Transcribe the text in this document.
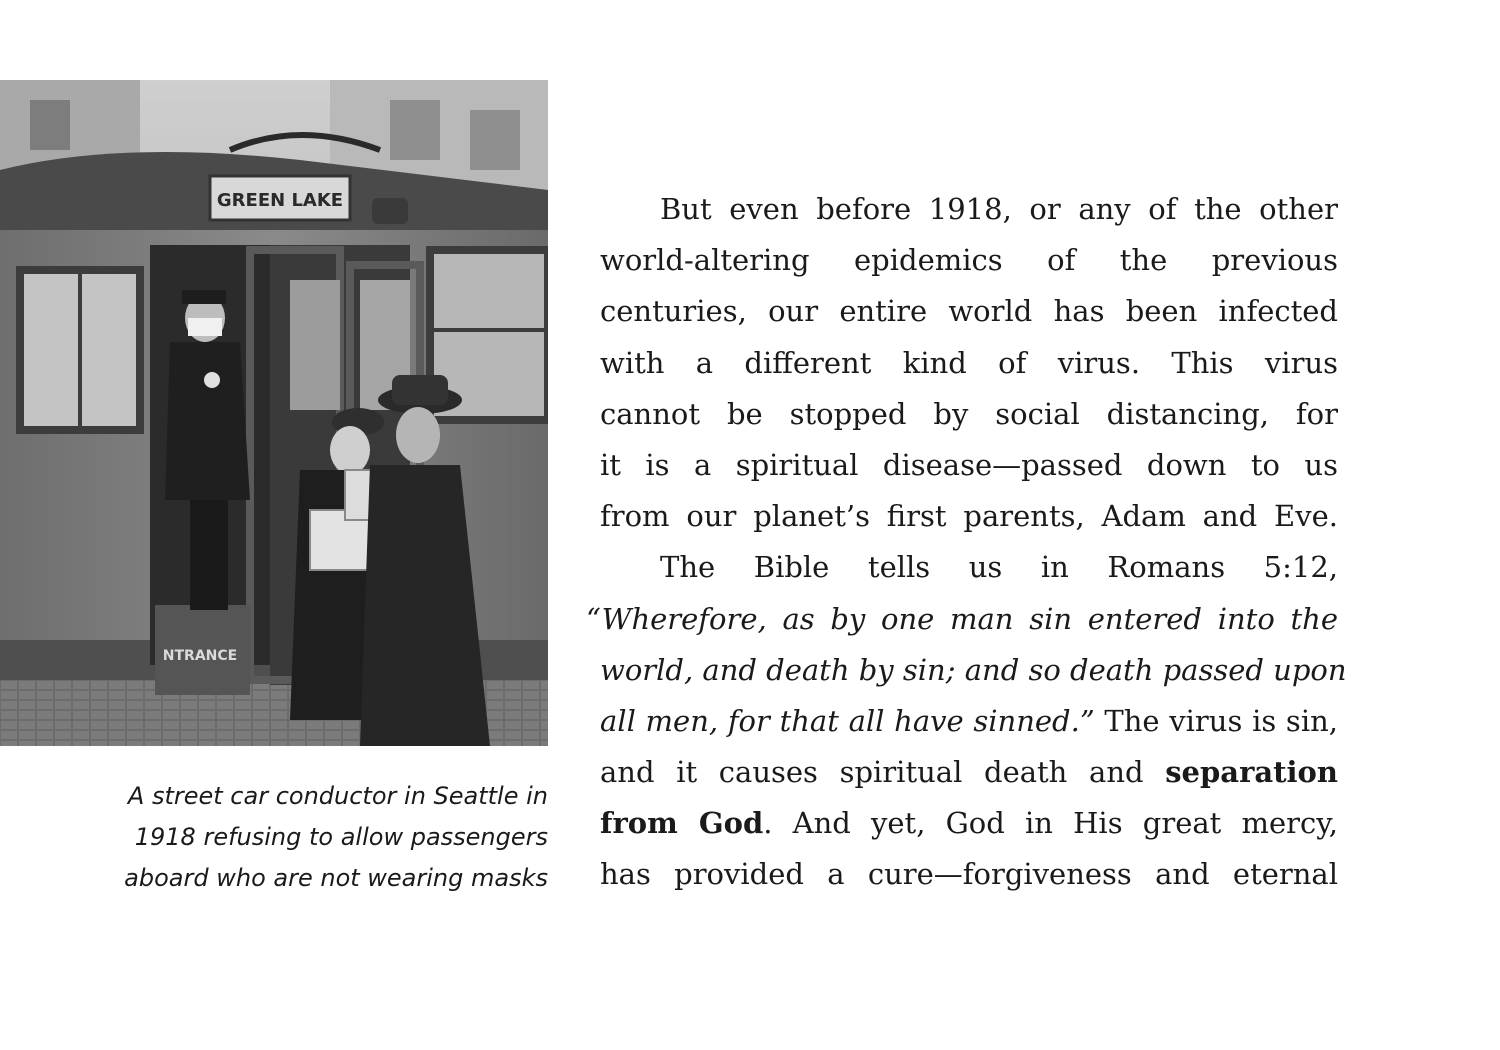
GREEN LAKE
NTRANCE
A street car conductor in Seattle in
1918 refusing to allow passengers
aboard who are not wearing masks
But even before 1918, or any of the other
world-altering epidemics of the previous
centuries, our entire world has been infected
with a different kind of virus. This virus
cannot be stopped by social distancing, for
it is a spiritual disease—passed down to us
from our planet’s first parents, Adam and Eve.
The Bible tells us in Romans 5:12,
“Wherefore, as by one man sin entered into the
world, and death by sin; and so death passed upon
all men, for that all have sinned.” The virus is sin,
and it causes spiritual death and separation
from God. And yet, God in His great mercy,
has provided a cure—forgiveness and eternal
